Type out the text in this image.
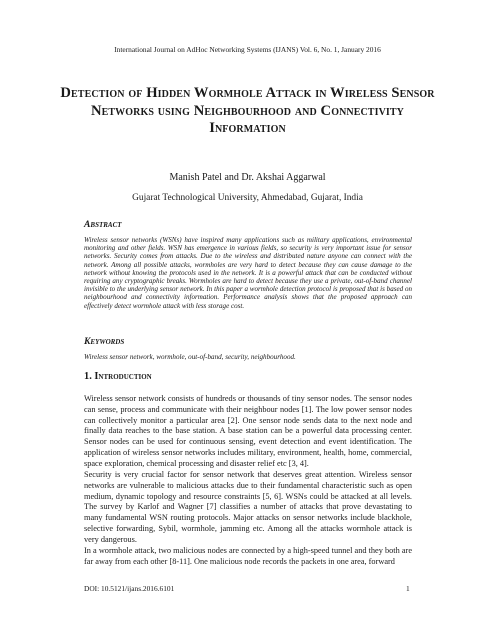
International Journal on AdHoc Networking Systems (IJANS) Vol. 6, No. 1, January 2016
Detection of Hidden Wormhole Attack in Wireless Sensor Networks using Neighbourhood and Connectivity Information
Manish Patel and Dr. Akshai Aggarwal
Gujarat Technological University, Ahmedabad, Gujarat, India
Abstract
Wireless sensor networks (WSNs) have inspired many applications such as military applications, environmental monitoring and other fields. WSN has emergence in various fields, so security is very important issue for sensor networks. Security comes from attacks. Due to the wireless and distributed nature anyone can connect with the network. Among all possible attacks, wormholes are very hard to detect because they can cause damage to the network without knowing the protocols used in the network. It is a powerful attack that can be conducted without requiring any cryptographic breaks. Wormholes are hard to detect because they use a private, out-of-band channel invisible to the underlying sensor network. In this paper a wormhole detection protocol is proposed that is based on neighbourhood and connectivity information. Performance analysis shows that the proposed approach can effectively detect wormhole attack with less storage cost.
Keywords
Wireless sensor network, wormhole, out-of-band, security, neighbourhood.
1. Introduction
Wireless sensor network consists of hundreds or thousands of tiny sensor nodes. The sensor nodes can sense, process and communicate with their neighbour nodes [1]. The low power sensor nodes can collectively monitor a particular area [2]. One sensor node sends data to the next node and finally data reaches to the base station. A base station can be a powerful data processing center. Sensor nodes can be used for continuous sensing, event detection and event identification. The application of wireless sensor networks includes military, environment, health, home, commercial, space exploration, chemical processing and disaster relief etc [3, 4].
Security is very crucial factor for sensor network that deserves great attention. Wireless sensor networks are vulnerable to malicious attacks due to their fundamental characteristic such as open medium, dynamic topology and resource constraints [5, 6]. WSNs could be attacked at all levels. The survey by Karlof and Wagner [7] classifies a number of attacks that prove devastating to many fundamental WSN routing protocols. Major attacks on sensor networks include blackhole, selective forwarding, Sybil, wormhole, jamming etc. Among all the attacks wormhole attack is very dangerous.
In a wormhole attack, two malicious nodes are connected by a high-speed tunnel and they both are far away from each other [8-11]. One malicious node records the packets in one area, forward
DOI: 10.5121/ijans.2016.6101	1
